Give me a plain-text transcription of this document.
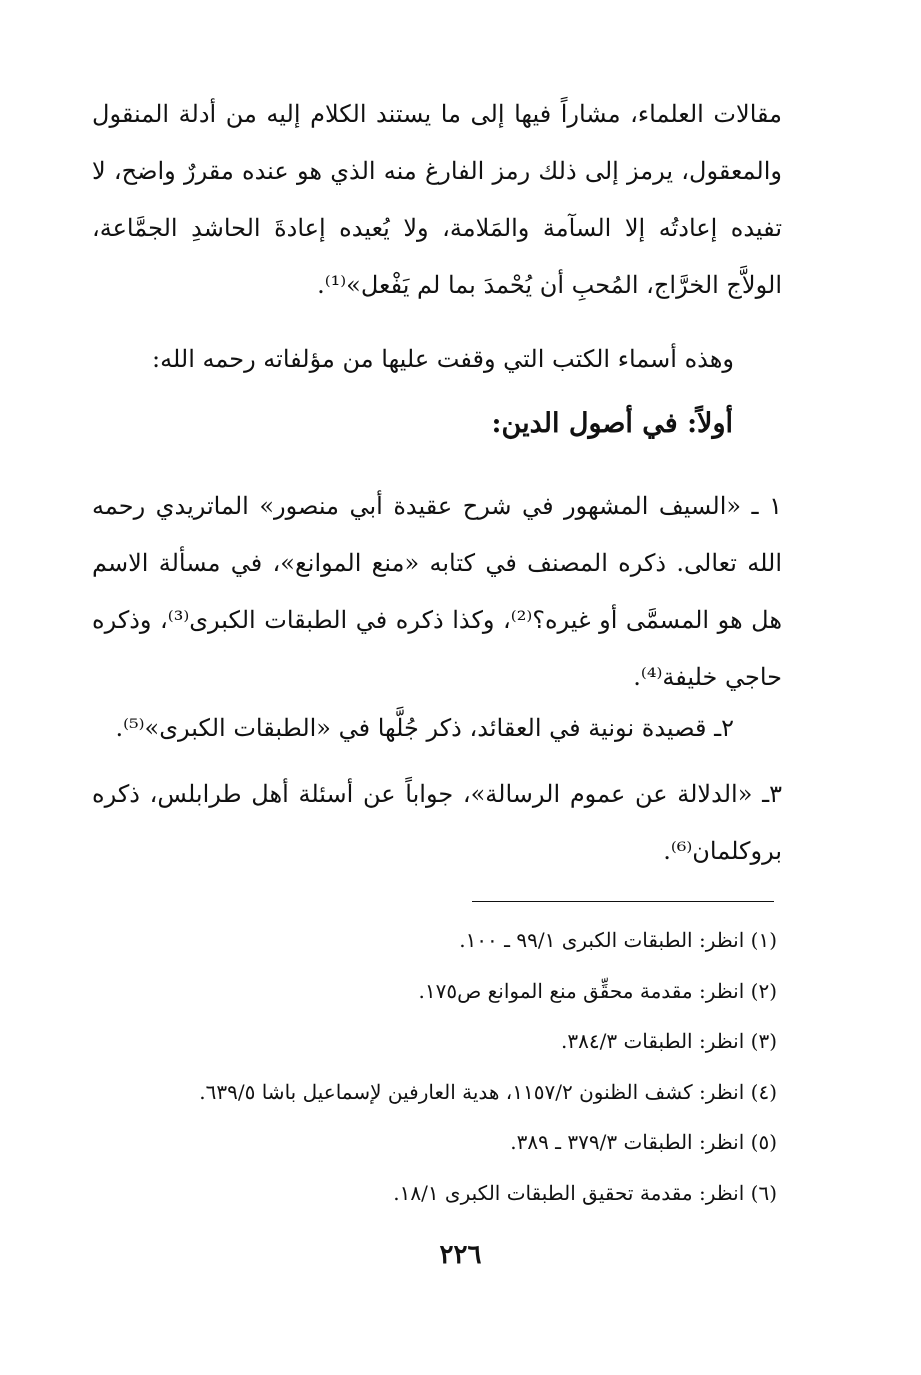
مقالات العلماء، مشاراً فيها إلى ما يستند الكلام إليه من أدلة المنقول والمعقول، يرمز إلى ذلك رمز الفارغ منه الذي هو عنده مقررٌ واضح، لا تفيده إعادتُه إلا السآمة والمَلامة، ولا يُعيده إعادةَ الحاشدِ الجمَّاعة، الولاَّج الخرَّاج، المُحبِ أن يُحْمدَ بما لم يَفْعل»⁽¹⁾.

وهذه أسماء الكتب التي وقفت عليها من مؤلفاته رحمه الله:

أولاً: في أصول الدين:

١ ـ «السيف المشهور في شرح عقيدة أبي منصور» الماتريدي رحمه الله تعالى. ذكره المصنف في كتابه «منع الموانع»، في مسألة الاسم هل هو المسمَّى أو غيره؟⁽²⁾، وكذا ذكره في الطبقات الكبرى⁽³⁾، وذكره حاجي خليفة⁽⁴⁾.

٢ـ قصيدة نونية في العقائد، ذكر جُلَّها في «الطبقات الكبرى»⁽⁵⁾.

٣ـ «الدلالة عن عموم الرسالة»، جواباً عن أسئلة أهل طرابلس، ذكره بروكلمان⁽⁶⁾.

(١) انظر: الطبقات الكبرى ٩٩/١ ـ ١٠٠.
(٢) انظر: مقدمة محقِّق منع الموانع ص١٧٥.
(٣) انظر: الطبقات ٣٨٤/٣.
(٤) انظر: كشف الظنون ١١٥٧/٢، هدية العارفين لإسماعيل باشا ٦٣٩/٥.
(٥) انظر: الطبقات ٣٧٩/٣ ـ ٣٨٩.
(٦) انظر: مقدمة تحقيق الطبقات الكبرى ١٨/١.
٢٢٦
